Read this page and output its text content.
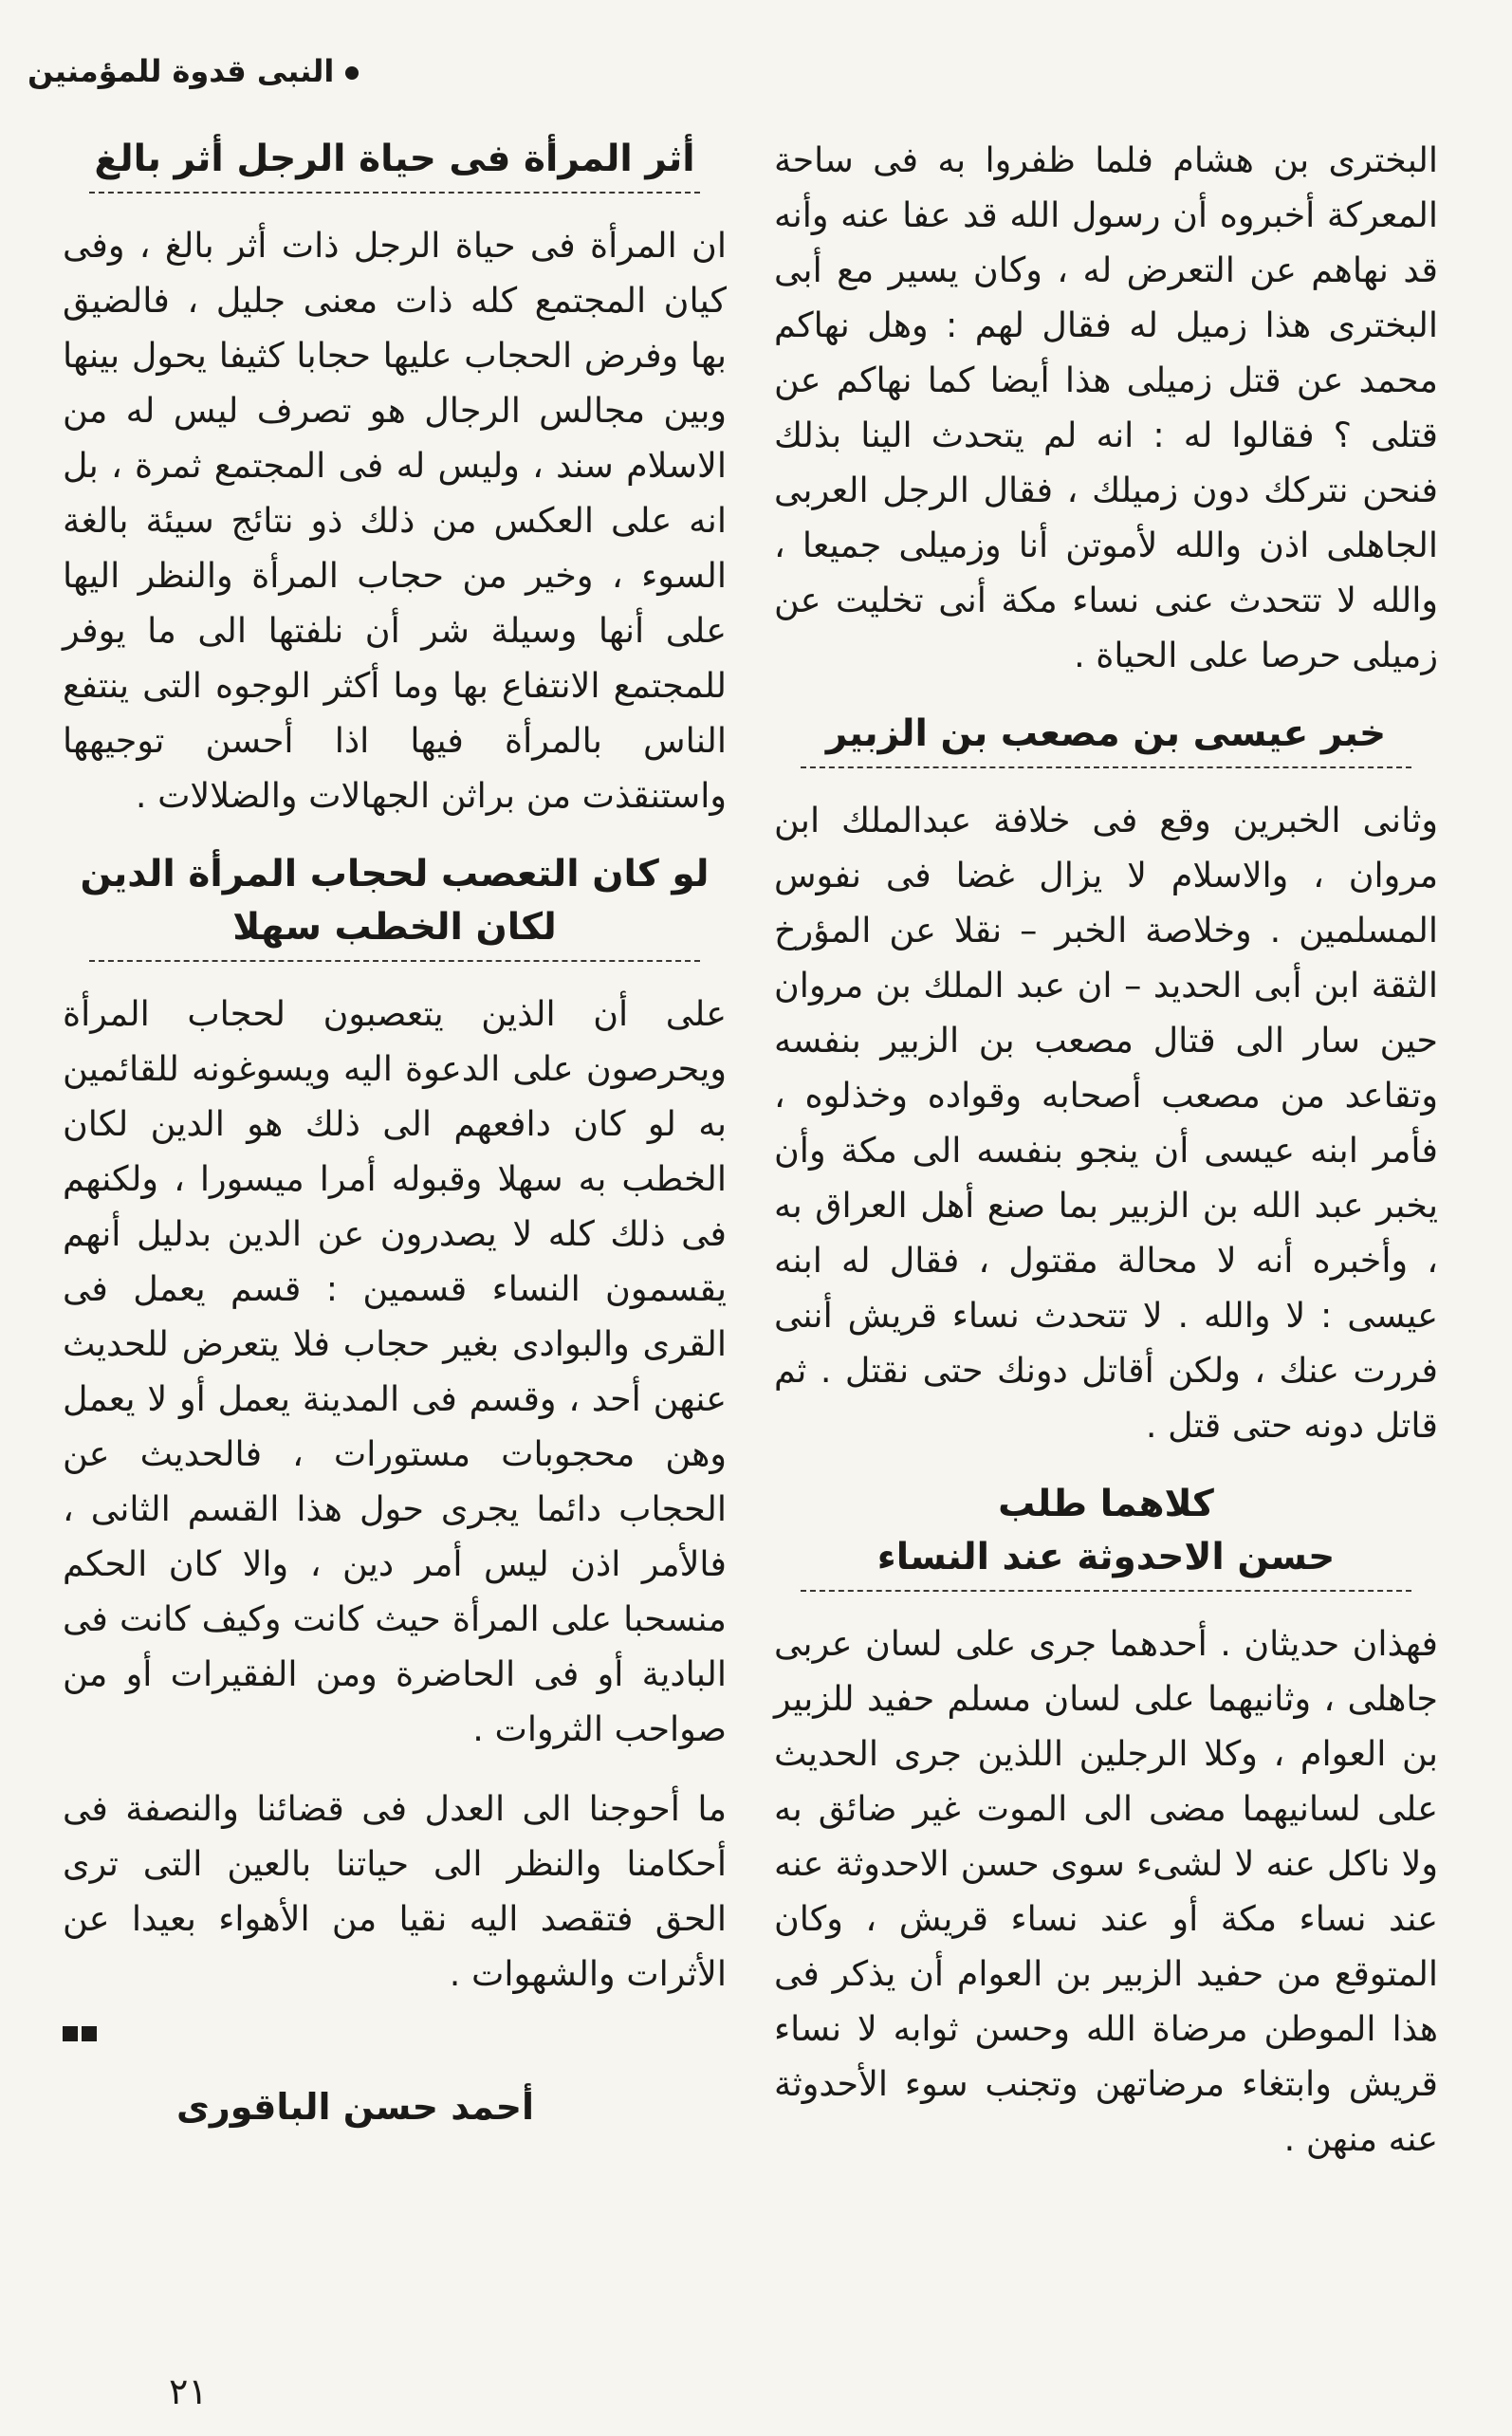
النبى قدوة للمؤمنين

البخترى بن هشام فلما ظفروا به فى ساحة المعركة أخبروه أن رسول الله قد عفا عنه وأنه قد نهاهم عن التعرض له ، وكان يسير مع أبى البخترى هذا زميل له فقال لهم : وهل نهاكم محمد عن قتل زميلى هذا أيضا كما نهاكم عن قتلى ؟ فقالوا له : انه لم يتحدث الينا بذلك فنحن نتركك دون زميلك ، فقال الرجل العربى الجاهلى اذن والله لأموتن أنا وزميلى جميعا ، والله لا تتحدث عنى نساء مكة أنى تخليت عن زميلى حرصا على الحياة .

خبر عيسى بن مصعب بن الزبير

وثانى الخبرين وقع فى خلافة عبدالملك ابن مروان ، والاسلام لا يزال غضا فى نفوس المسلمين . وخلاصة الخبر – نقلا عن المؤرخ الثقة ابن أبى الحديد – ان عبد الملك بن مروان حين سار الى قتال مصعب بن الزبير بنفسه وتقاعد من مصعب أصحابه وقواده وخذلوه ، فأمر ابنه عيسى أن ينجو بنفسه الى مكة وأن يخبر عبد الله بن الزبير بما صنع أهل العراق به ، وأخبره أنه لا محالة مقتول ، فقال له ابنه عيسى : لا والله . لا تتحدث نساء قريش أننى فررت عنك ، ولكن أقاتل دونك حتى نقتل . ثم قاتل دونه حتى قتل .

كلاهما طلب
حسن الاحدوثة عند النساء

فهذان حديثان . أحدهما جرى على لسان عربى جاهلى ، وثانيهما على لسان مسلم حفيد للزبير بن العوام ، وكلا الرجلين اللذين جرى الحديث على لسانيهما مضى الى الموت غير ضائق به ولا ناكل عنه لا لشىء سوى حسن الاحدوثة عنه عند نساء مكة أو عند نساء قريش ، وكان المتوقع من حفيد الزبير بن العوام أن يذكر فى هذا الموطن مرضاة الله وحسن ثوابه لا نساء قريش وابتغاء مرضاتهن وتجنب سوء الأحدوثة عنه منهن .

أثر المرأة فى حياة الرجل أثر بالغ

ان المرأة فى حياة الرجل ذات أثر بالغ ، وفى كيان المجتمع كله ذات معنى جليل ، فالضيق بها وفرض الحجاب عليها حجابا كثيفا يحول بينها وبين مجالس الرجال هو تصرف ليس له من الاسلام سند ، وليس له فى المجتمع ثمرة ، بل انه على العكس من ذلك ذو نتائج سيئة بالغة السوء ، وخير من حجاب المرأة والنظر اليها على أنها وسيلة شر أن نلفتها الى ما يوفر للمجتمع الانتفاع بها وما أكثر الوجوه التى ينتفع الناس بالمرأة فيها اذا أحسن توجيهها واستنقذت من براثن الجهالات والضلالات .

لو كان التعصب لحجاب المرأة الدين
لكان الخطب سهلا

على أن الذين يتعصبون لحجاب المرأة ويحرصون على الدعوة اليه ويسوغونه للقائمين به لو كان دافعهم الى ذلك هو الدين لكان الخطب به سهلا وقبوله أمرا ميسورا ، ولكنهم فى ذلك كله لا يصدرون عن الدين بدليل أنهم يقسمون النساء قسمين : قسم يعمل فى القرى والبوادى بغير حجاب فلا يتعرض للحديث عنهن أحد ، وقسم فى المدينة يعمل أو لا يعمل وهن محجوبات مستورات ، فالحديث عن الحجاب دائما يجرى حول هذا القسم الثانى ، فالأمر اذن ليس أمر دين ، والا كان الحكم منسحبا على المرأة حيث كانت وكيف كانت فى البادية أو فى الحاضرة ومن الفقيرات أو من صواحب الثروات .

ما أحوجنا الى العدل فى قضائنا والنصفة فى أحكامنا والنظر الى حياتنا بالعين التى ترى الحق فتقصد اليه نقيا من الأهواء بعيدا عن الأثرات والشهوات .

أحمد حسن الباقورى
٢١
